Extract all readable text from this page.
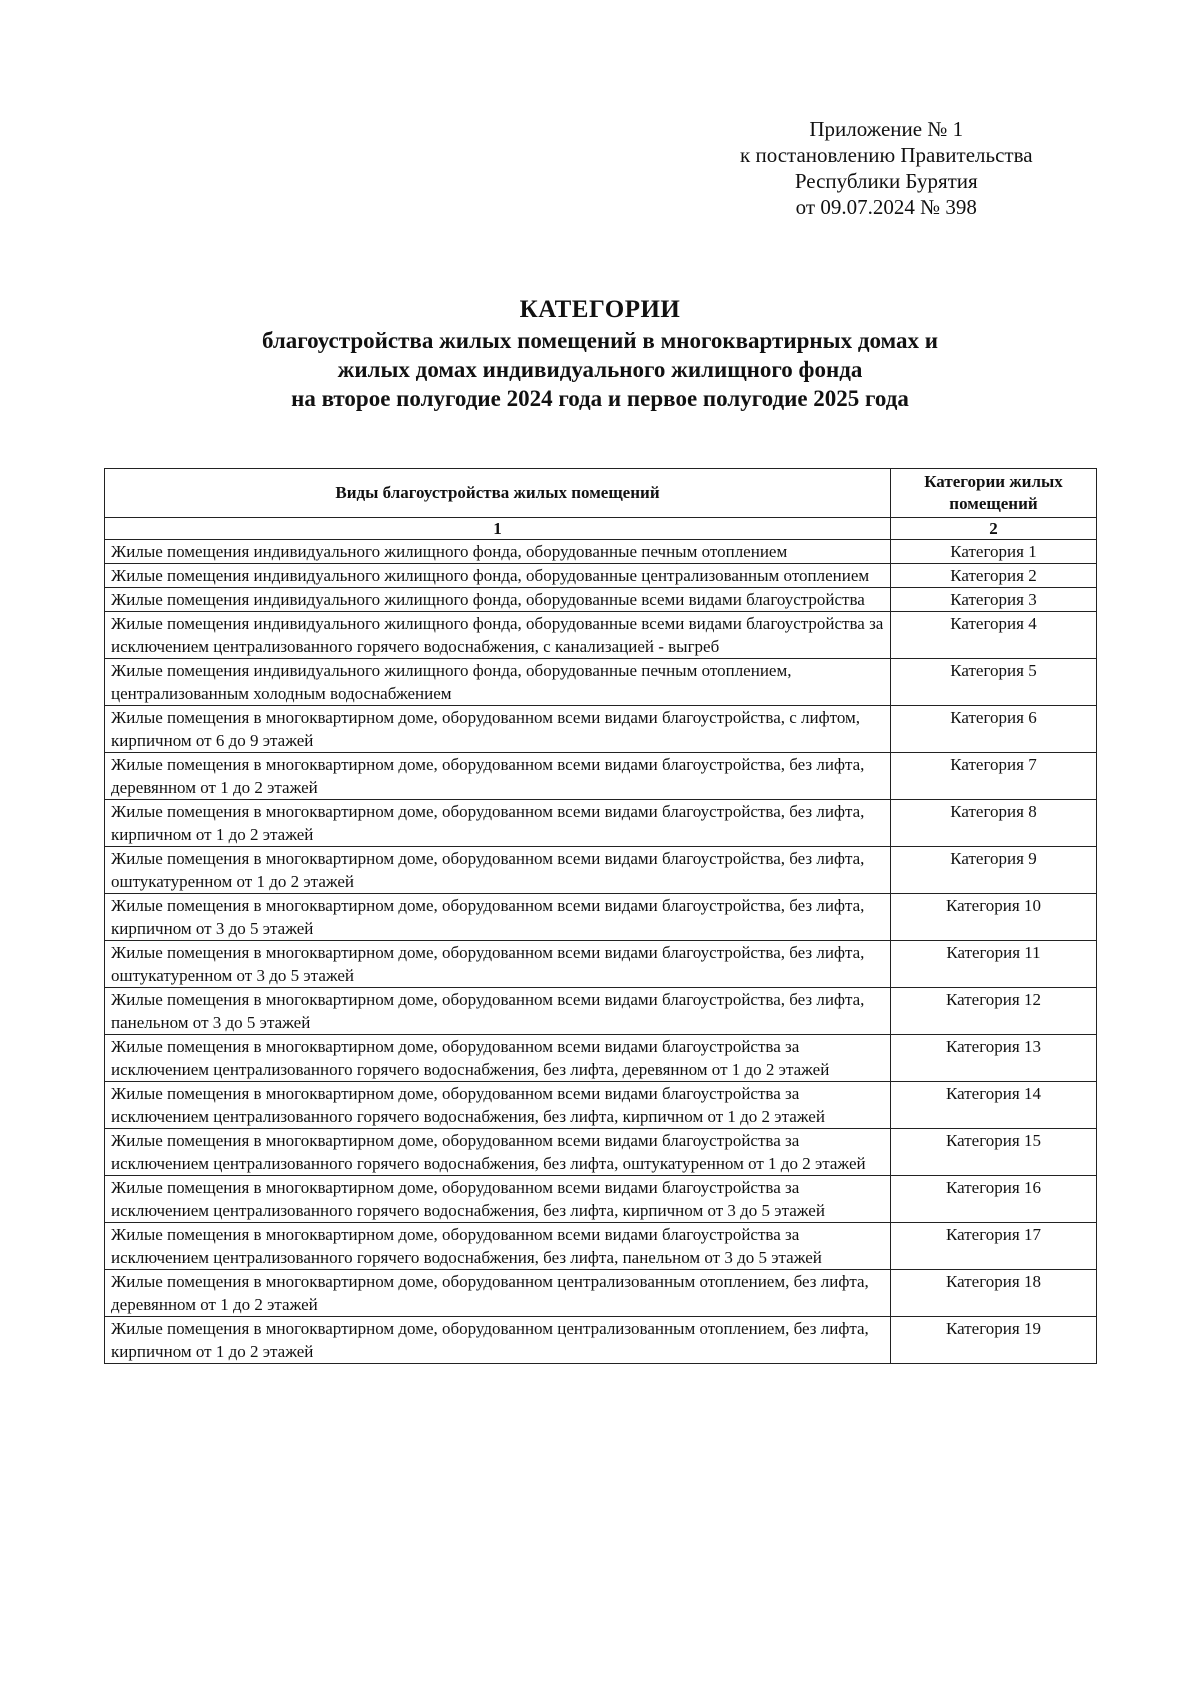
Приложение № 1
к постановлению Правительства
Республики Бурятия
от 09.07.2024 № 398
КАТЕГОРИИ
благоустройства жилых помещений в многоквартирных домах и
жилых домах индивидуального жилищного фонда
на второе полугодие 2024 года и первое полугодие 2025 года
Виды благоустройства жилых помещений	Категории жилых помещений
1	2
Жилые помещения индивидуального жилищного фонда, оборудованные печным отоплением	Категория 1
Жилые помещения индивидуального жилищного фонда, оборудованные централизованным отоплением	Категория 2
Жилые помещения индивидуального жилищного фонда, оборудованные всеми видами благоустройства	Категория 3
Жилые помещения индивидуального жилищного фонда, оборудованные всеми видами благоустройства за исключением централизованного горячего водоснабжения, с канализацией - выгреб	Категория 4
Жилые помещения индивидуального жилищного фонда, оборудованные печным отоплением, централизованным холодным водоснабжением	Категория 5
Жилые помещения в многоквартирном доме, оборудованном всеми видами благоустройства, с лифтом, кирпичном от 6 до 9 этажей	Категория 6
Жилые помещения в многоквартирном доме, оборудованном всеми видами благоустройства, без лифта, деревянном от 1 до 2 этажей	Категория 7
Жилые помещения в многоквартирном доме, оборудованном всеми видами благоустройства, без лифта, кирпичном от 1 до 2 этажей	Категория 8
Жилые помещения в многоквартирном доме, оборудованном всеми видами благоустройства, без лифта, оштукатуренном от 1 до 2 этажей	Категория 9
Жилые помещения в многоквартирном доме, оборудованном всеми видами благоустройства, без лифта, кирпичном от 3 до 5 этажей	Категория 10
Жилые помещения в многоквартирном доме, оборудованном всеми видами благоустройства, без лифта, оштукатуренном от 3 до 5 этажей	Категория 11
Жилые помещения в многоквартирном доме, оборудованном всеми видами благоустройства, без лифта, панельном от 3 до 5 этажей	Категория 12
Жилые помещения в многоквартирном доме, оборудованном всеми видами благоустройства за исключением централизованного горячего водоснабжения, без лифта, деревянном от 1 до 2 этажей	Категория 13
Жилые помещения в многоквартирном доме, оборудованном всеми видами благоустройства за исключением централизованного горячего водоснабжения, без лифта, кирпичном от 1 до 2 этажей	Категория 14
Жилые помещения в многоквартирном доме, оборудованном всеми видами благоустройства за исключением централизованного горячего водоснабжения, без лифта, оштукатуренном от 1 до 2 этажей	Категория 15
Жилые помещения в многоквартирном доме, оборудованном всеми видами благоустройства за исключением централизованного горячего водоснабжения, без лифта, кирпичном от 3 до 5 этажей	Категория 16
Жилые помещения в многоквартирном доме, оборудованном всеми видами благоустройства за исключением централизованного горячего водоснабжения, без лифта, панельном от 3 до 5 этажей	Категория 17
Жилые помещения в многоквартирном доме, оборудованном централизованным отоплением, без лифта, деревянном от 1 до 2 этажей	Категория 18
Жилые помещения в многоквартирном доме, оборудованном централизованным отоплением, без лифта, кирпичном от 1 до 2 этажей	Категория 19
